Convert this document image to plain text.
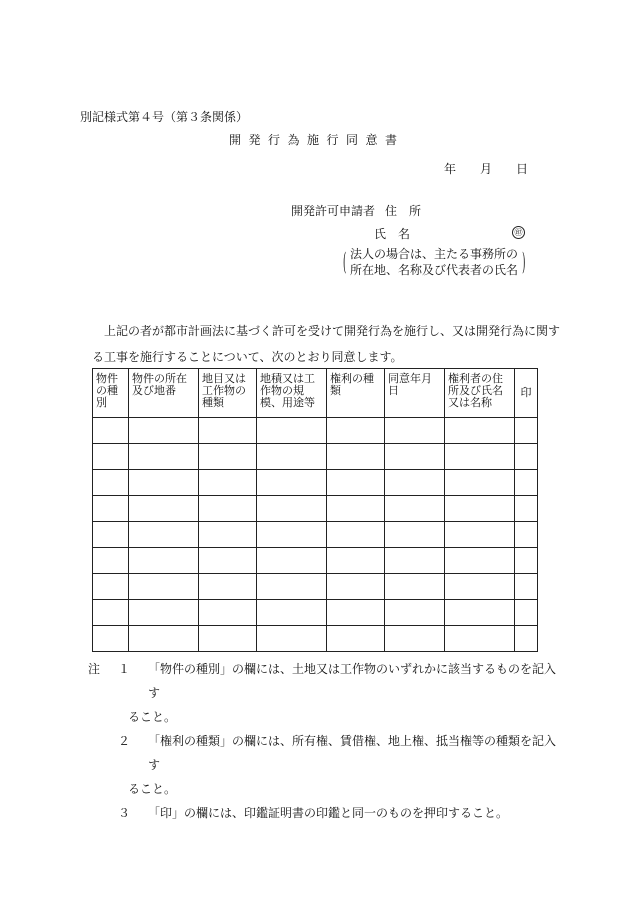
別記様式第４号（第３条関係）
開発行為施行同意書
年 月 日
開発許可申請者 住　所
氏　名	㊞
( 法人の場合は、主たる事務所の
所在地、名称及び代表者の氏名 )

上記の者が都市計画法に基づく許可を受けて開発行為を施行し、又は開発行為に関す

る工事を施行することについて、次のとおり同意します。

物件の種別	物件の所在及び地番	地目又は工作物の種類	地積又は工作物の規模、用途等	権利の種類	同意年月日	権利者の住所及び氏名又は名称	印

注 １ 「物件の種別」の欄には、土地又は工作物のいずれかに該当するものを記入す
ること。
２ 「権利の種類」の欄には、所有権、賃借権、地上権、抵当権等の種類を記入す
ること。
３ 「印」の欄には、印鑑証明書の印鑑と同一のものを押印すること。
